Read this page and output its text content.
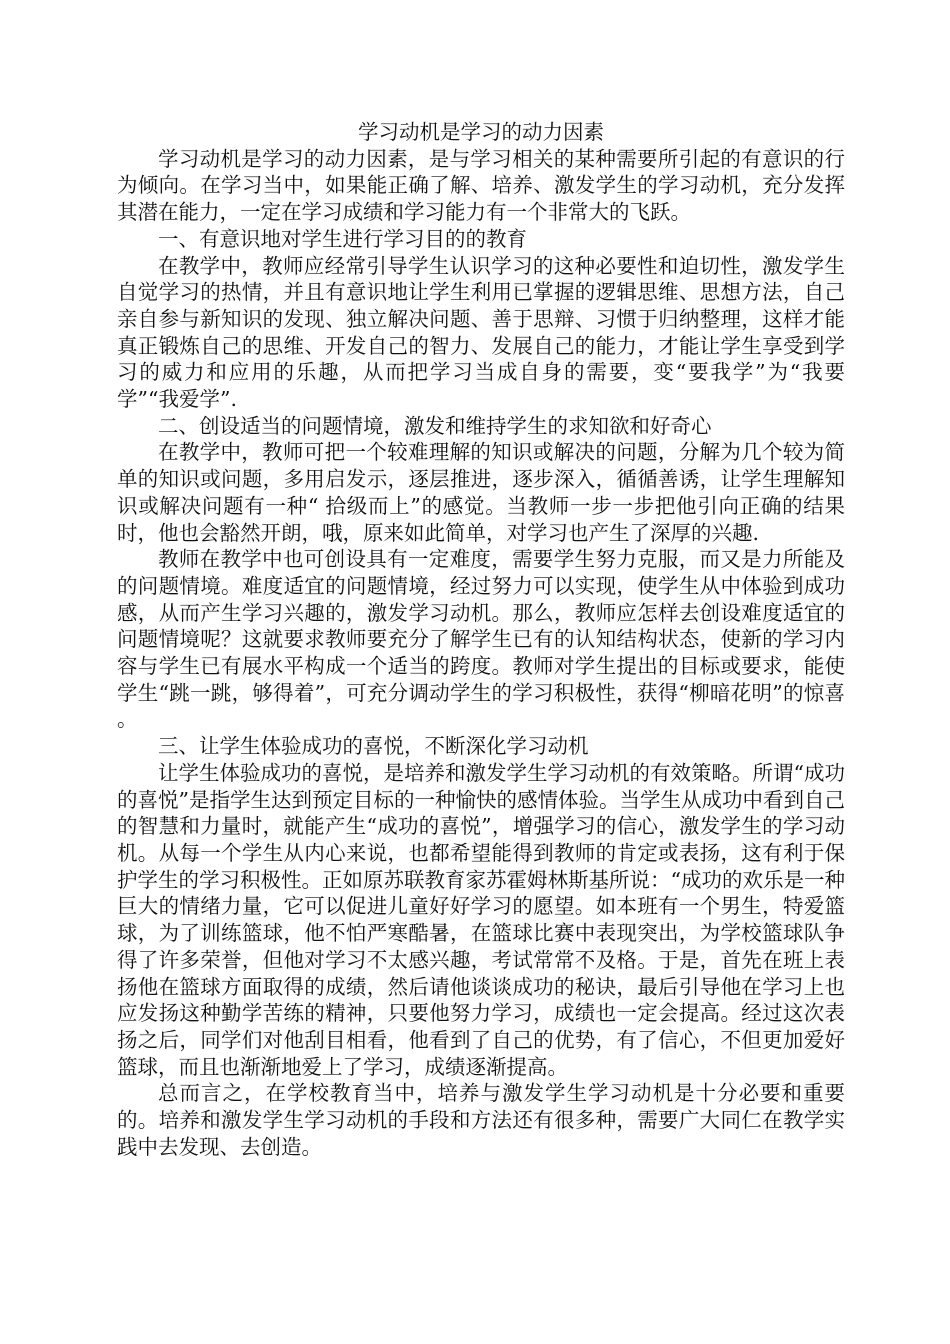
学习动机是学习的动力因素

学习动机是学习的动力因素，是与学习相关的某种需要所引起的有意识的行为倾向。在学习当中，如果能正确了解、培养、激发学生的学习动机，充分发挥其潜在能力，一定在学习成绩和学习能力有一个非常大的飞跃。

一、有意识地对学生进行学习目的的教育

在教学中，教师应经常引导学生认识学习的这种必要性和迫切性，激发学生自觉学习的热情，并且有意识地让学生利用已掌握的逻辑思维、思想方法，自己亲自参与新知识的发现、独立解决问题、善于思辩、习惯于归纳整理，这样才能真正锻炼自己的思维、开发自己的智力、发展自己的能力，才能让学生享受到学习的威力和应用的乐趣，从而把学习当成自身的需要，变“要我学”为“我要学”“我爱学”.

二、创设适当的问题情境，激发和维持学生的求知欲和好奇心

在教学中，教师可把一个较难理解的知识或解决的问题，分解为几个较为简单的知识或问题，多用启发示，逐层推进，逐步深入，循循善诱，让学生理解知识或解决问题有一种“ 拾级而上”的感觉。当教师一步一步把他引向正确的结果时，他也会豁然开朗，哦，原来如此简单，对学习也产生了深厚的兴趣.

教师在教学中也可创设具有一定难度，需要学生努力克服，而又是力所能及的问题情境。难度适宜的问题情境，经过努力可以实现，使学生从中体验到成功感，从而产生学习兴趣的，激发学习动机。那么，教师应怎样去创设难度适宜的问题情境呢？这就要求教师要充分了解学生已有的认知结构状态，使新的学习内容与学生已有展水平构成一个适当的跨度。教师对学生提出的目标或要求，能使学生“跳一跳，够得着”，可充分调动学生的学习积极性，获得“柳暗花明”的惊喜 。

三、让学生体验成功的喜悦，不断深化学习动机

让学生体验成功的喜悦，是培养和激发学生学习动机的有效策略。所谓“成功的喜悦”是指学生达到预定目标的一种愉快的感情体验。当学生从成功中看到自己的智慧和力量时，就能产生“成功的喜悦”，增强学习的信心，激发学生的学习动机。从每一个学生从内心来说，也都希望能得到教师的肯定或表扬，这有利于保护学生的学习积极性。正如原苏联教育家苏霍姆林斯基所说：“成功的欢乐是一种巨大的情绪力量，它可以促进儿童好好学习的愿望。如本班有一个男生，特爱篮球，为了训练篮球，他不怕严寒酷暑，在篮球比赛中表现突出，为学校篮球队争得了许多荣誉，但他对学习不太感兴趣，考试常常不及格。于是，首先在班上表扬他在篮球方面取得的成绩，然后请他谈谈成功的秘诀，最后引导他在学习上也应发扬这种勤学苦练的精神，只要他努力学习，成绩也一定会提高。经过这次表扬之后，同学们对他刮目相看，他看到了自己的优势，有了信心，不但更加爱好篮球，而且也渐渐地爱上了学习，成绩逐渐提高。

总而言之，在学校教育当中，培养与激发学生学习动机是十分必要和重要的。培养和激发学生学习动机的手段和方法还有很多种，需要广大同仁在教学实践中去发现、去创造。
